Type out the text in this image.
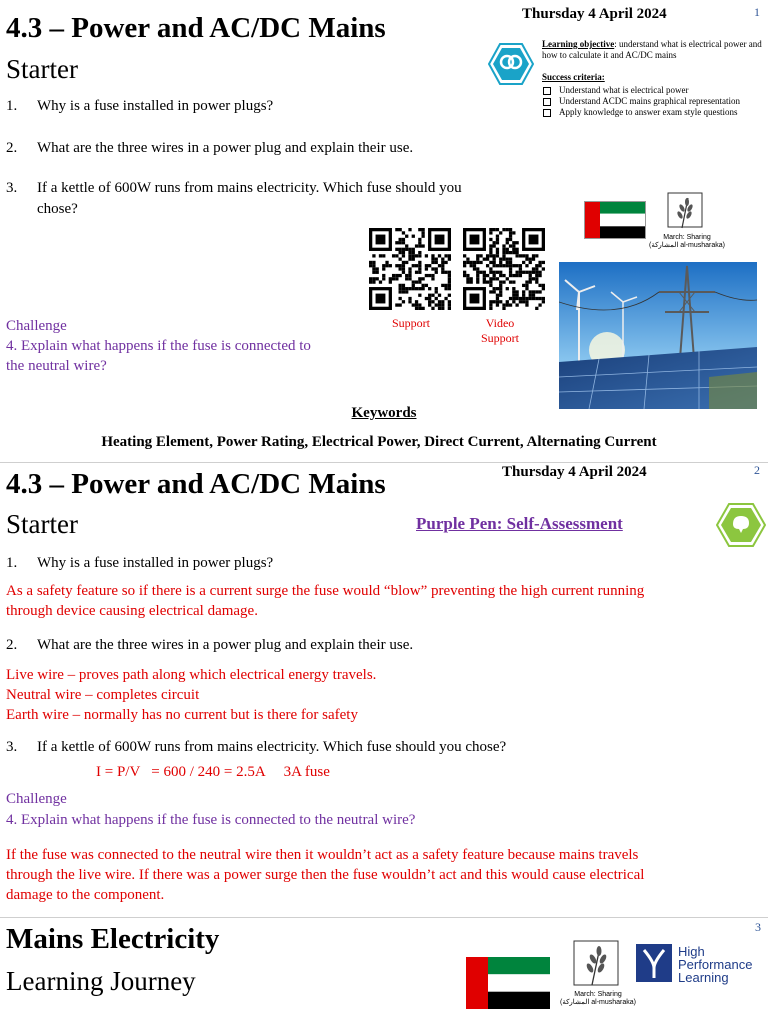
1
Thursday 4 April 2024
4.3 – Power and AC/DC Mains
Starter
Learning objective: understand what is electrical power and how to calculate it and AC/DC mains
Success criteria:
Understand what is electrical power
Understand ACDC mains graphical representation
Apply knowledge to answer exam style questions
1. Why is a fuse installed in power plugs?
2. What are the three wires in a power plug and explain their use.
3. If a kettle of 600W runs from mains electricity. Which fuse should you
chose?
March: Sharing
(المشاركة al-musharaka)
Support	Video
Support
Challenge
4. Explain what happens if the fuse is connected to
the neutral wire?
Keywords
Heating Element, Power Rating, Electrical Power, Direct Current, Alternating Current
2
Thursday 4 April 2024
4.3 – Power and AC/DC Mains
Starter	Purple Pen: Self-Assessment
1. Why is a fuse installed in power plugs?
As a safety feature so if there is a current surge the fuse would “blow” preventing the high current running
through device causing electrical damage.
2. What are the three wires in a power plug and explain their use.
Live wire – proves path along which electrical energy travels.
Neutral wire – completes circuit
Earth wire – normally has no current but is there for safety
3. If a kettle of 600W runs from mains electricity. Which fuse should you chose?
I = P/V   = 600 / 240 = 2.5A     3A fuse
Challenge
4. Explain what happens if the fuse is connected to the neutral wire?
If the fuse was connected to the neutral wire then it wouldn’t act as a safety feature because mains travels
through the live wire. If there was a power surge then the fuse wouldn’t act and this would cause electrical
damage to the component.
3
Mains Electricity
Learning Journey	March: Sharing
(المشاركة al-musharaka)
High
Performance
Learning
